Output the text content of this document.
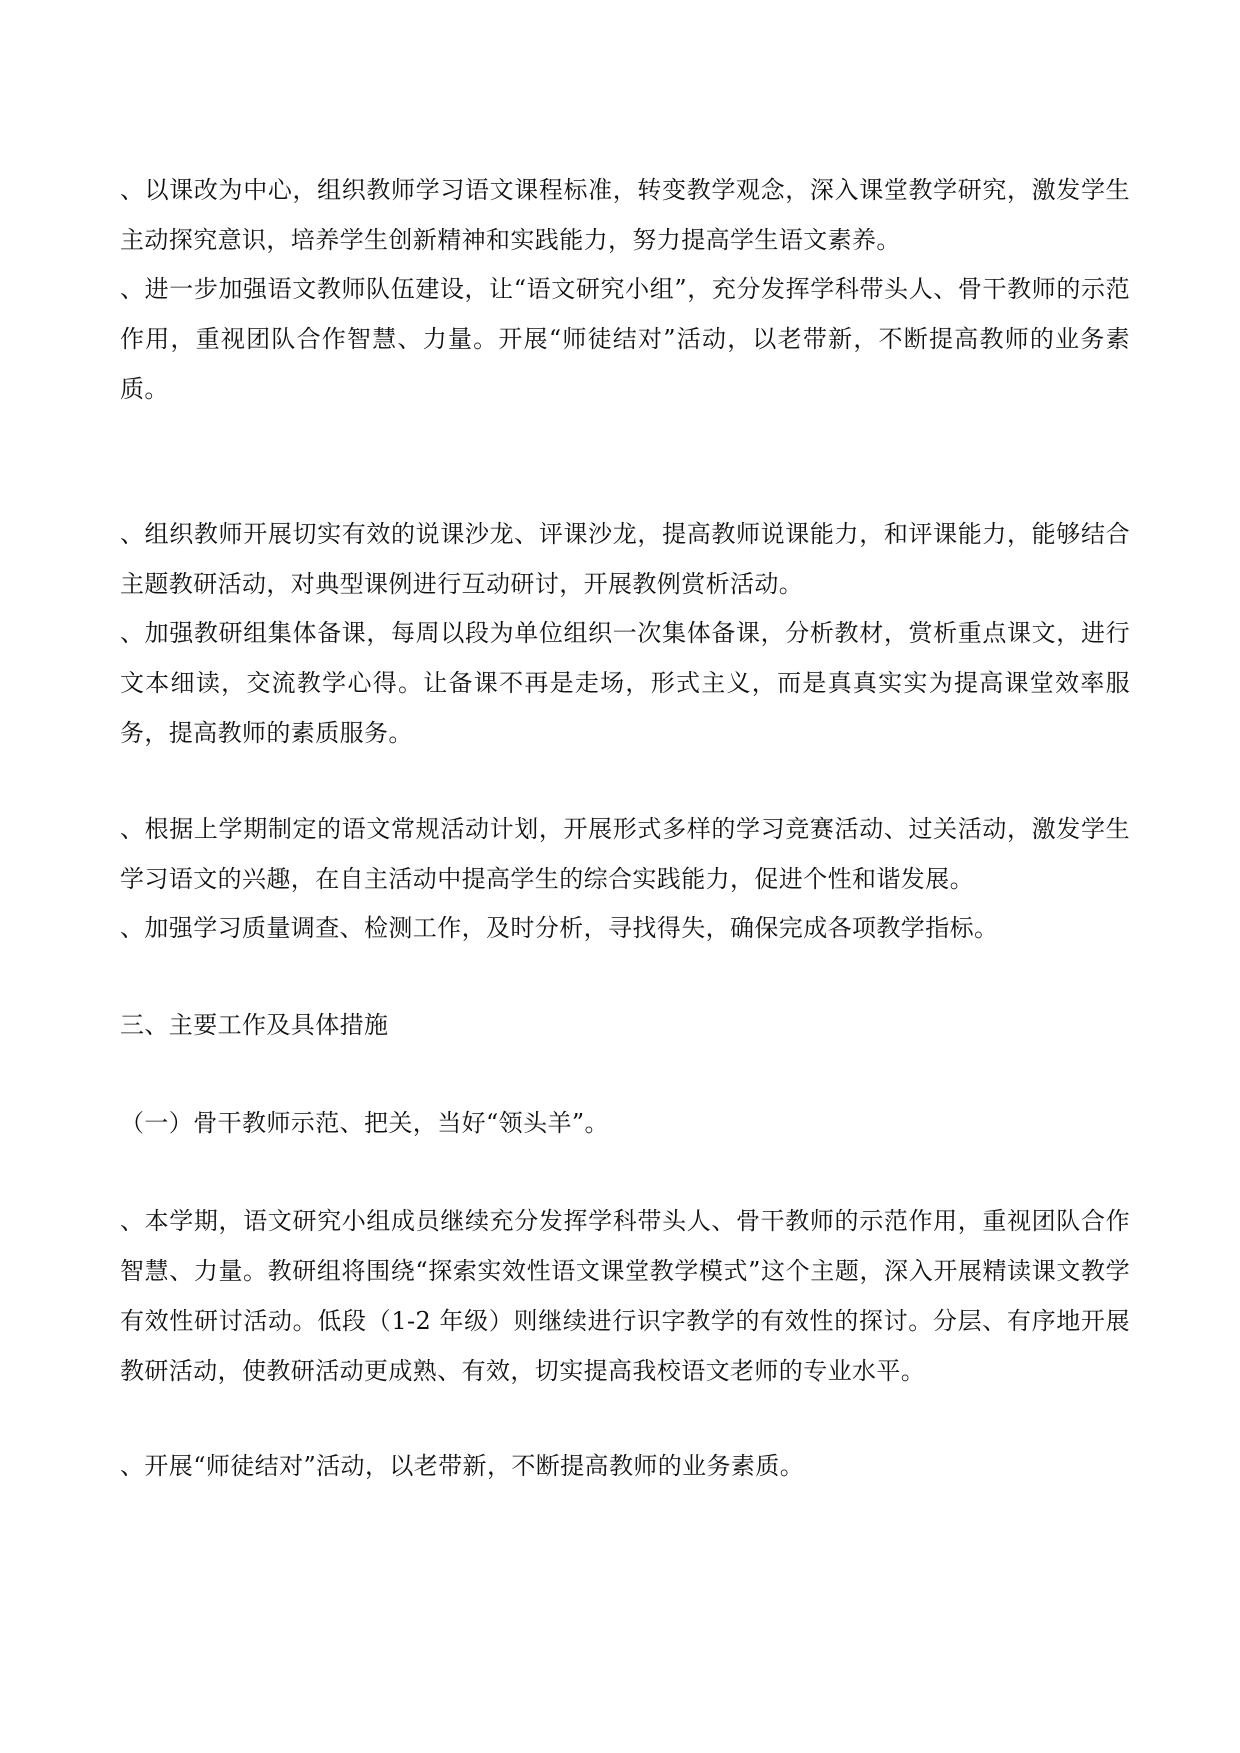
、以课改为中心，组织教师学习语文课程标准，转变教学观念，深入课堂教学研究，激发学生主动探究意识，培养学生创新精神和实践能力，努力提高学生语文素养。

、进一步加强语文教师队伍建设，让“语文研究小组”，充分发挥学科带头人、骨干教师的示范作用，重视团队合作智慧、力量。开展“师徒结对”活动，以老带新，不断提高教师的业务素质。

、组织教师开展切实有效的说课沙龙、评课沙龙，提高教师说课能力，和评课能力，能够结合主题教研活动，对典型课例进行互动研讨，开展教例赏析活动。

、加强教研组集体备课，每周以段为单位组织一次集体备课，分析教材，赏析重点课文，进行文本细读，交流教学心得。让备课不再是走场，形式主义，而是真真实实为提高课堂效率服务，提高教师的素质服务。

、根据上学期制定的语文常规活动计划，开展形式多样的学习竞赛活动、过关活动，激发学生学习语文的兴趣，在自主活动中提高学生的综合实践能力，促进个性和谐发展。

、加强学习质量调查、检测工作，及时分析，寻找得失，确保完成各项教学指标。

三、主要工作及具体措施

（一）骨干教师示范、把关，当好“领头羊”。

、本学期，语文研究小组成员继续充分发挥学科带头人、骨干教师的示范作用，重视团队合作智慧、力量。教研组将围绕“探索实效性语文课堂教学模式”这个主题，深入开展精读课文教学有效性研讨活动。低段（1-2 年级）则继续进行识字教学的有效性的探讨。分层、有序地开展教研活动，使教研活动更成熟、有效，切实提高我校语文老师的专业水平。

、开展“师徒结对”活动，以老带新，不断提高教师的业务素质。
